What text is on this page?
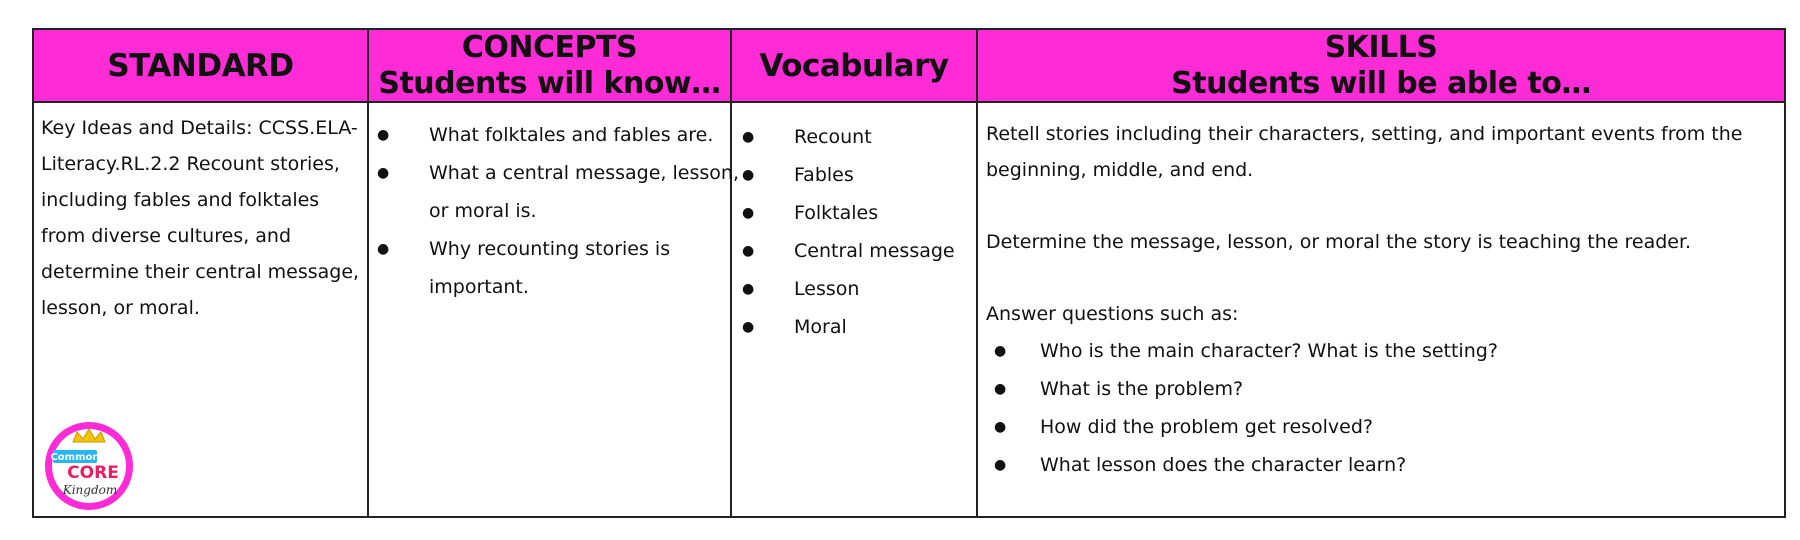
STANDARD
CONCEPTS
Students will know… Vocabulary
SKILLS
Students will be able to…
Key Ideas and Details: CCSS.ELA-Literacy.RL.2.2 Recount stories, including fables and folktales from diverse cultures, and determine their central message, lesson, or moral.
● What folktales and fables are.
● What a central message, lesson, or moral is.
● Why recounting stories is important.
● Recount
● Fables
● Folktales
● Central message
● Lesson
● Moral

Retell stories including their characters, setting, and important events from the beginning, middle, and end.

Determine the message, lesson, or moral the story is teaching the reader.

Answer questions such as:

● Who is the main character? What is the setting?
● What is the problem?
● How did the problem get resolved?
● What lesson does the character learn?
Common
CORE
Kingdom
